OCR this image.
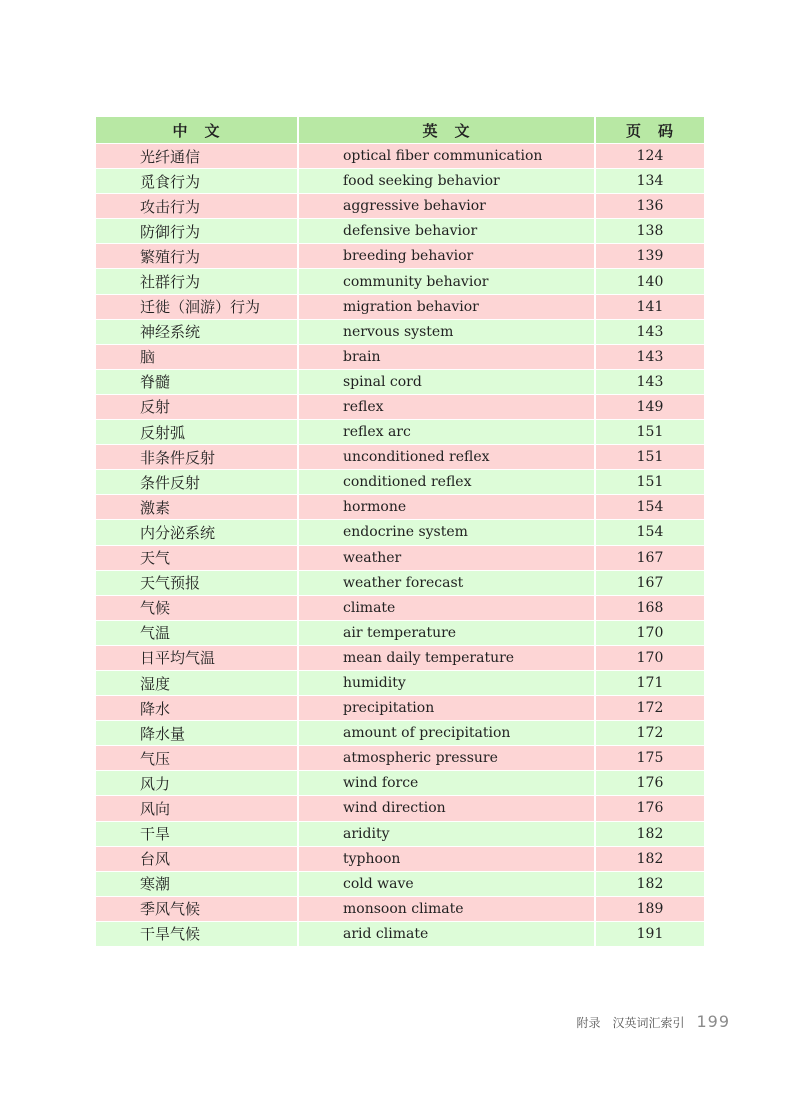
中　文	英　文	页　码
光纤通信	optical fiber communication	124
觅食行为	food seeking behavior	134
攻击行为	aggressive behavior	136
防御行为	defensive behavior	138
繁殖行为	breeding behavior	139
社群行为	community behavior	140
迁徙（洄游）行为	migration behavior	141
神经系统	nervous system	143
脑	brain	143
脊髓	spinal cord	143
反射	reflex	149
反射弧	reflex arc	151
非条件反射	unconditioned reflex	151
条件反射	conditioned reflex	151
激素	hormone	154
内分泌系统	endocrine system	154
天气	weather	167
天气预报	weather forecast	167
气候	climate	168
气温	air temperature	170
日平均气温	mean daily temperature	170
湿度	humidity	171
降水	precipitation	172
降水量	amount of precipitation	172
气压	atmospheric pressure	175
风力	wind force	176
风向	wind direction	176
干旱	aridity	182
台风	typhoon	182
寒潮	cold wave	182
季风气候	monsoon climate	189
干旱气候	arid climate	191
附录　汉英词汇索引 199
